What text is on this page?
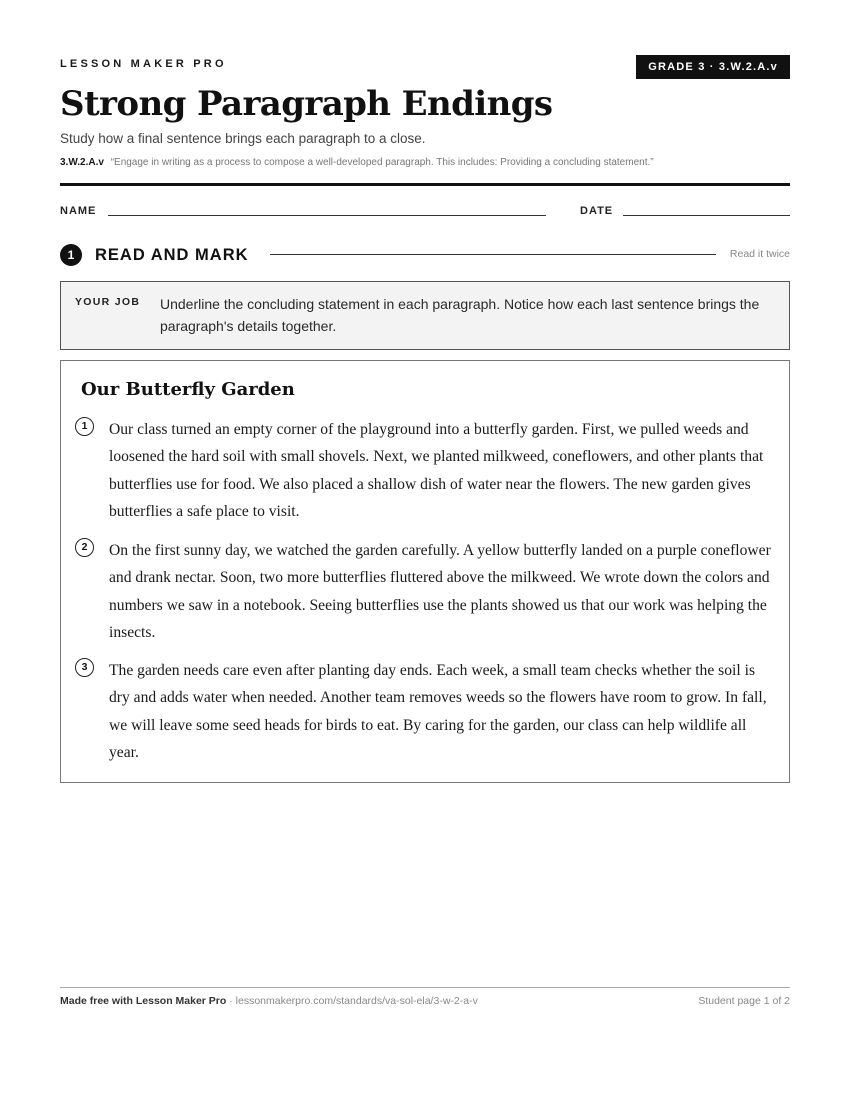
LESSON MAKER PRO	GRADE 3 · 3.W.2.A.v
Strong Paragraph Endings
Study how a final sentence brings each paragraph to a close.
3.W.2.A.v “Engage in writing as a process to compose a well-developed paragraph. This includes: Providing a concluding statement.”
NAME	DATE
1	READ AND MARK	Read it twice
YOUR JOB Underline the concluding statement in each paragraph. Notice how each last sentence brings the paragraph's details together.
Our Butterfly Garden
1	Our class turned an empty corner of the playground into a butterfly garden. First, we pulled weeds and loosened the hard soil with small shovels. Next, we planted milkweed, coneflowers, and other plants that butterflies use for food. We also placed a shallow dish of water near the flowers. The new garden gives butterflies a safe place to visit.

2	On the first sunny day, we watched the garden carefully. A yellow butterfly landed on a purple coneflower and drank nectar. Soon, two more butterflies fluttered above the milkweed. We wrote down the colors and numbers we saw in a notebook. Seeing butterflies use the plants showed us that our work was helping the insects.

3	The garden needs care even after planting day ends. Each week, a small team checks whether the soil is dry and adds water when needed. Another team removes weeds so the flowers have room to grow. In fall, we will leave some seed heads for birds to eat. By caring for the garden, our class can help wildlife all year.

Made free with Lesson Maker Pro · lessonmakerpro.com/standards/va-sol-ela/3-w-2-a-v	Student page 1 of 2
